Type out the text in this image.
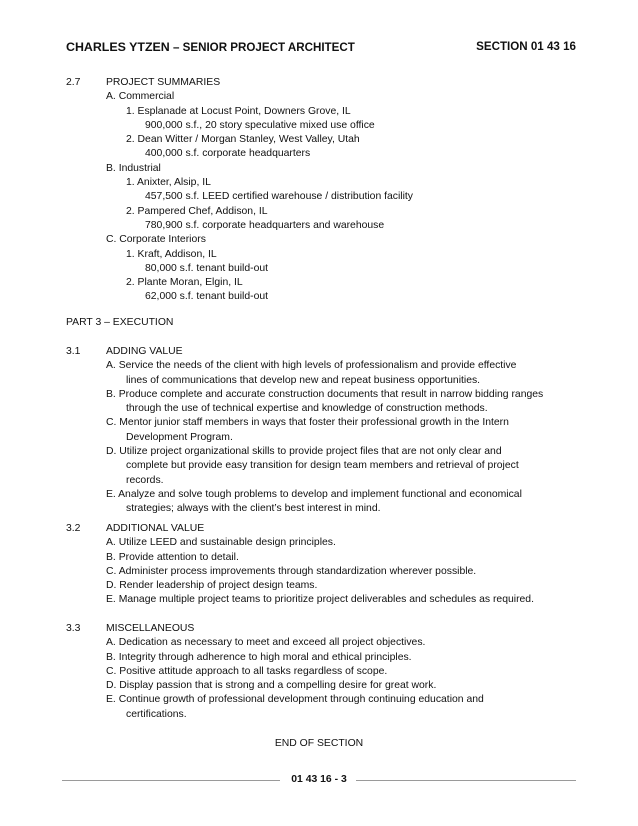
CHARLES YTZEN – SENIOR PROJECT ARCHITECT	SECTION 01 43 16
2.7 PROJECT SUMMARIES
A. Commercial
1. Esplanade at Locust Point, Downers Grove, IL
900,000 s.f., 20 story speculative mixed use office
2. Dean Witter / Morgan Stanley, West Valley, Utah
400,000 s.f. corporate headquarters
B. Industrial
1. Anixter, Alsip, IL
457,500 s.f. LEED certified warehouse / distribution facility
2. Pampered Chef, Addison, IL
780,900 s.f. corporate headquarters and warehouse
C. Corporate Interiors
1. Kraft, Addison, IL
80,000 s.f. tenant build-out
2. Plante Moran, Elgin, IL
62,000 s.f. tenant build-out
PART 3 – EXECUTION
3.1 ADDING VALUE
A. Service the needs of the client with high levels of professionalism and provide effective
lines of communications that develop new and repeat business opportunities.
B. Produce complete and accurate construction documents that result in narrow bidding ranges
through the use of technical expertise and knowledge of construction methods.
C. Mentor junior staff members in ways that foster their professional growth in the Intern
Development Program.
D. Utilize project organizational skills to provide project files that are not only clear and
complete but provide easy transition for design team members and retrieval of project
records.
E. Analyze and solve tough problems to develop and implement functional and economical
strategies; always with the client’s best interest in mind.
3.2 ADDITIONAL VALUE
A. Utilize LEED and sustainable design principles.
B. Provide attention to detail.
C. Administer process improvements through standardization wherever possible.
D. Render leadership of project design teams.
E. Manage multiple project teams to prioritize project deliverables and schedules as required.
3.3 MISCELLANEOUS
A. Dedication as necessary to meet and exceed all project objectives.
B. Integrity through adherence to high moral and ethical principles.
C. Positive attitude approach to all tasks regardless of scope.
D. Display passion that is strong and a compelling desire for great work.
E. Continue growth of professional development through continuing education and
certifications.
END OF SECTION
01 43 16 - 3
